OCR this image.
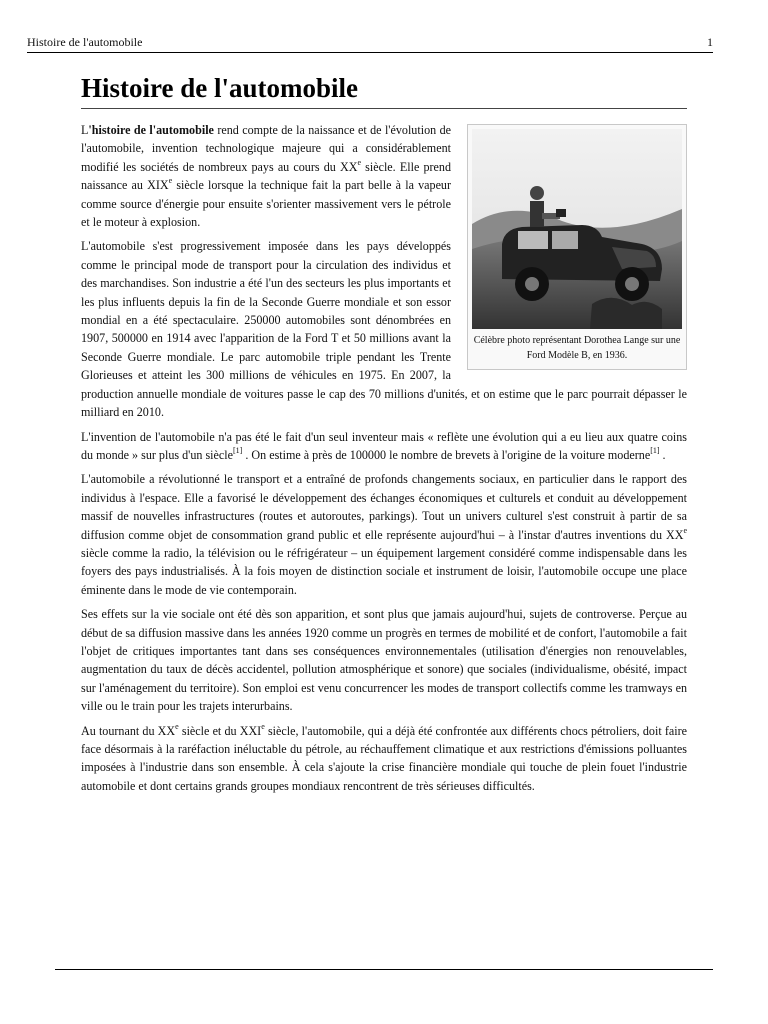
Histoire de l'automobile	1
Histoire de l'automobile
Célèbre photo représentant Dorothea Lange sur une Ford Modèle B, en 1936.

L'histoire de l'automobile rend compte de la naissance et de l'évolution de l'automobile, invention technologique majeure qui a considérablement modifié les sociétés de nombreux pays au cours du XXe siècle. Elle prend naissance au XIXe siècle lorsque la technique fait la part belle à la vapeur comme source d'énergie pour ensuite s'orienter massivement vers le pétrole et le moteur à explosion.

L'automobile s'est progressivement imposée dans les pays développés comme le principal mode de transport pour la circulation des individus et des marchandises. Son industrie a été l'un des secteurs les plus importants et les plus influents depuis la fin de la Seconde Guerre mondiale et son essor mondial en a été spectaculaire. 250000 automobiles sont dénombrées en 1907, 500000 en 1914 avec l'apparition de la Ford T et 50 millions avant la Seconde Guerre mondiale. Le parc automobile triple pendant les Trente Glorieuses et atteint les 300 millions de véhicules en 1975. En 2007, la production annuelle mondiale de voitures passe le cap des 70 millions d'unités, et on estime que le parc pourrait dépasser le milliard en 2010.

L'invention de l'automobile n'a pas été le fait d'un seul inventeur mais « reflète une évolution qui a eu lieu aux quatre coins du monde » sur plus d'un siècle[1] . On estime à près de 100000 le nombre de brevets à l'origine de la voiture moderne[1] .

L'automobile a révolutionné le transport et a entraîné de profonds changements sociaux, en particulier dans le rapport des individus à l'espace. Elle a favorisé le développement des échanges économiques et culturels et conduit au développement massif de nouvelles infrastructures (routes et autoroutes, parkings). Tout un univers culturel s'est construit à partir de sa diffusion comme objet de consommation grand public et elle représente aujourd'hui – à l'instar d'autres inventions du XXe siècle comme la radio, la télévision ou le réfrigérateur – un équipement largement considéré comme indispensable dans les foyers des pays industrialisés. À la fois moyen de distinction sociale et instrument de loisir, l'automobile occupe une place éminente dans le mode de vie contemporain.

Ses effets sur la vie sociale ont été dès son apparition, et sont plus que jamais aujourd'hui, sujets de controverse. Perçue au début de sa diffusion massive dans les années 1920 comme un progrès en termes de mobilité et de confort, l'automobile a fait l'objet de critiques importantes tant dans ses conséquences environnementales (utilisation d'énergies non renouvelables, augmentation du taux de décès accidentel, pollution atmosphérique et sonore) que sociales (individualisme, obésité, impact sur l'aménagement du territoire). Son emploi est venu concurrencer les modes de transport collectifs comme les tramways en ville ou le train pour les trajets interurbains.

Au tournant du XXe siècle et du XXIe siècle, l'automobile, qui a déjà été confrontée aux différents chocs pétroliers, doit faire face désormais à la raréfaction inéluctable du pétrole, au réchauffement climatique et aux restrictions d'émissions polluantes imposées à l'industrie dans son ensemble. À cela s'ajoute la crise financière mondiale qui touche de plein fouet l'industrie automobile et dont certains grands groupes mondiaux rencontrent de très sérieuses difficultés.
